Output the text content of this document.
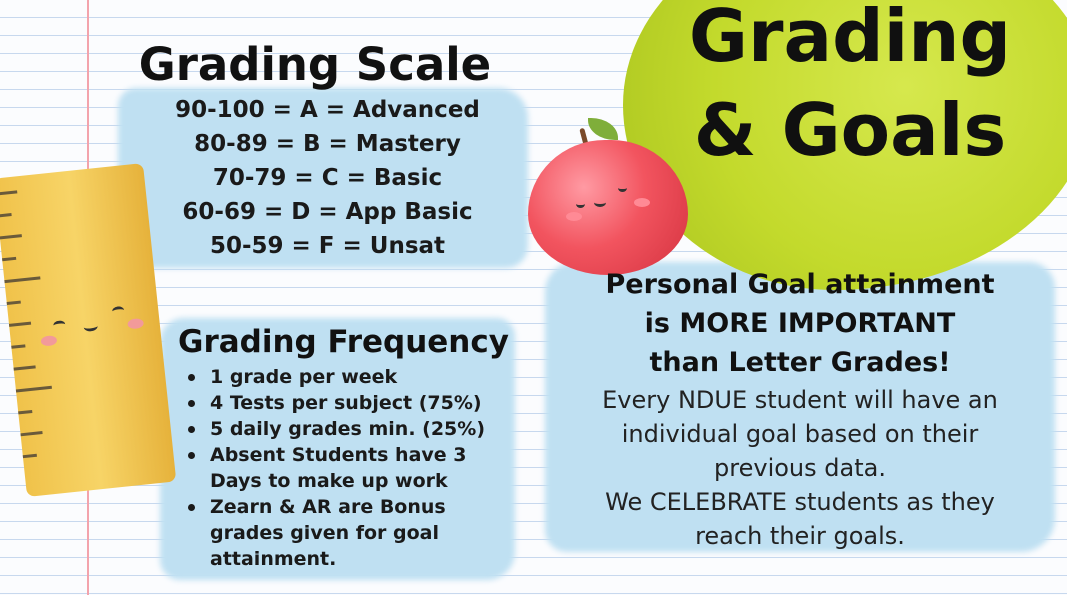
Grading
& Goals
Grading Scale
90-100 = A = Advanced
80-89 = B = Mastery
70-79 = C = Basic
60-69 = D = App Basic
50-59 = F = Unsat
Grading Frequency
1 grade per week
4 Tests per subject (75%)
5 daily grades min. (25%)
Absent Students have 3 Days to make up work
Zearn & AR are Bonus grades given for goal attainment.
Personal Goal attainment
is MORE IMPORTANT
than Letter Grades!
Every NDUE student will have an
individual goal based on their
previous data.
We CELEBRATE students as they
reach their goals.
